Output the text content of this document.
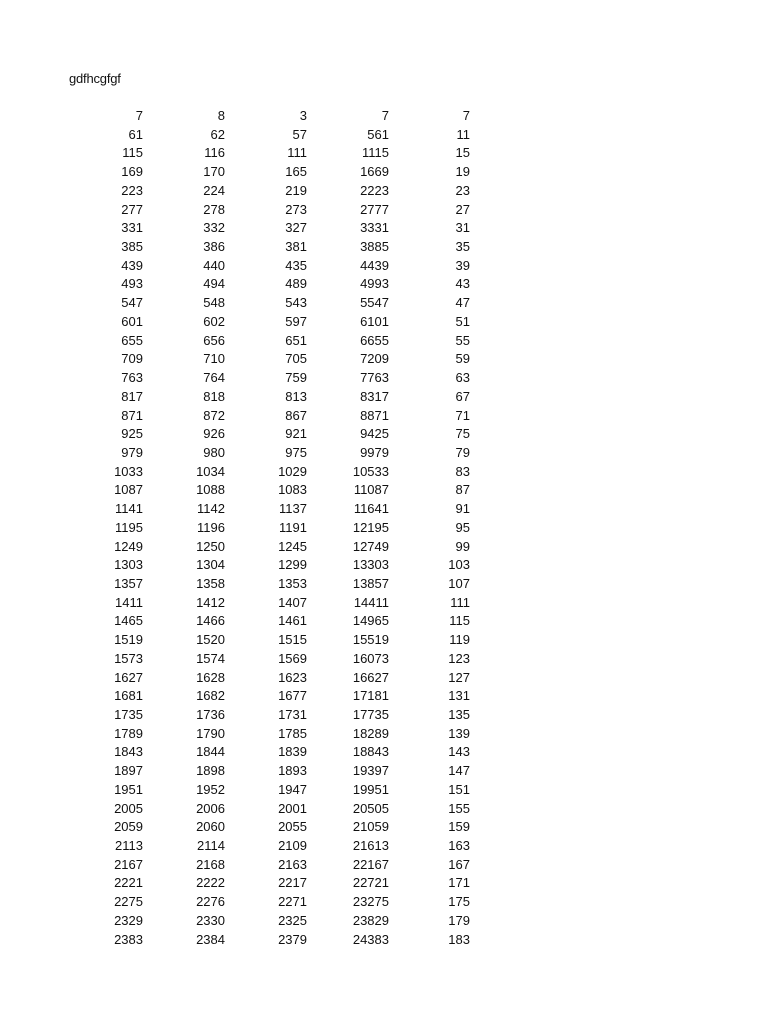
gdfhcgfgf
7	8	3	7	7
61	62	57	561	11
115	116	111	1115	15
169	170	165	1669	19
223	224	219	2223	23
277	278	273	2777	27
331	332	327	3331	31
385	386	381	3885	35
439	440	435	4439	39
493	494	489	4993	43
547	548	543	5547	47
601	602	597	6101	51
655	656	651	6655	55
709	710	705	7209	59
763	764	759	7763	63
817	818	813	8317	67
871	872	867	8871	71
925	926	921	9425	75
979	980	975	9979	79
1033	1034	1029	10533	83
1087	1088	1083	11087	87
1141	1142	1137	11641	91
1195	1196	1191	12195	95
1249	1250	1245	12749	99
1303	1304	1299	13303	103
1357	1358	1353	13857	107
1411	1412	1407	14411	111
1465	1466	1461	14965	115
1519	1520	1515	15519	119
1573	1574	1569	16073	123
1627	1628	1623	16627	127
1681	1682	1677	17181	131
1735	1736	1731	17735	135
1789	1790	1785	18289	139
1843	1844	1839	18843	143
1897	1898	1893	19397	147
1951	1952	1947	19951	151
2005	2006	2001	20505	155
2059	2060	2055	21059	159
2113	2114	2109	21613	163
2167	2168	2163	22167	167
2221	2222	2217	22721	171
2275	2276	2271	23275	175
2329	2330	2325	23829	179
2383	2384	2379	24383	183
